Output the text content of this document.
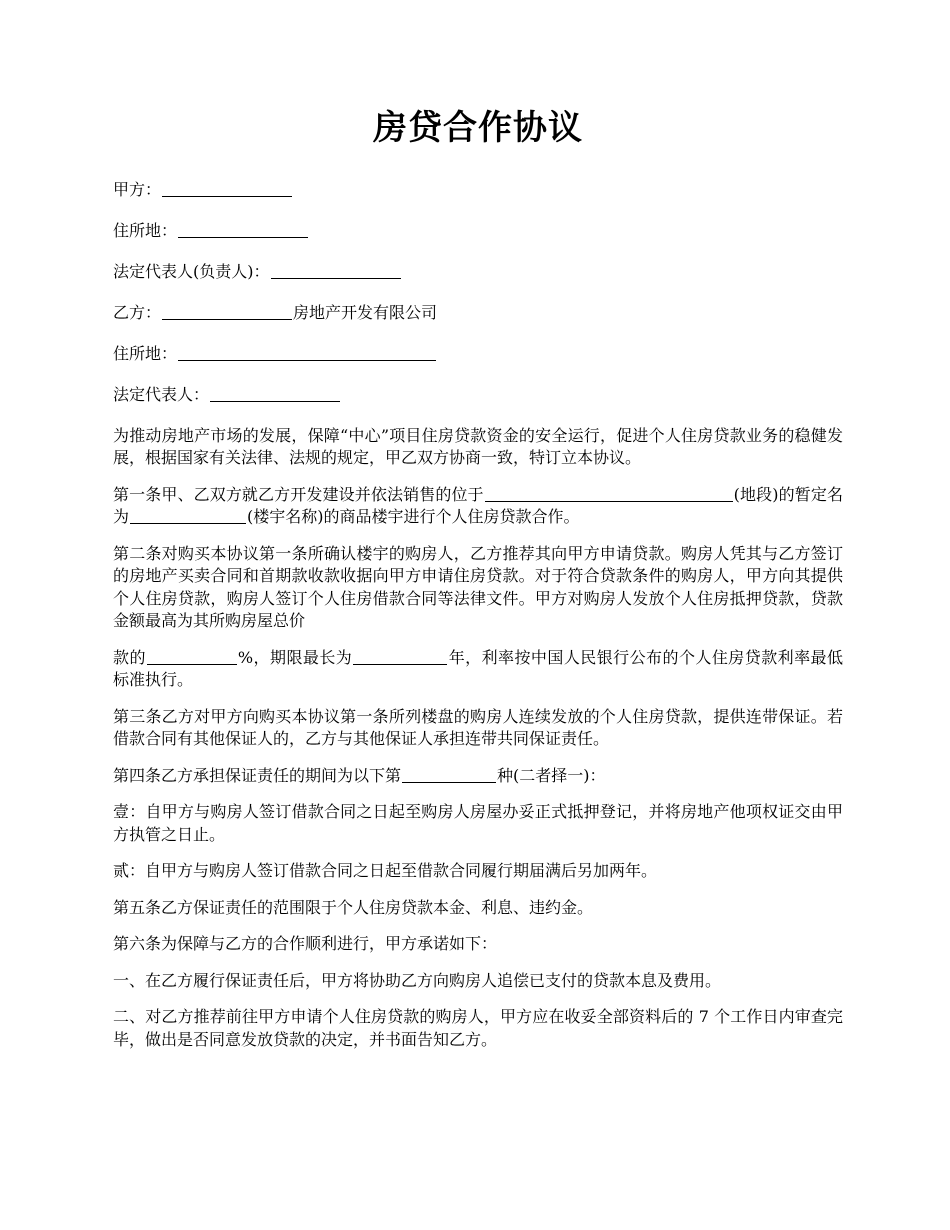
房贷合作协议
甲方：
住所地：
法定代表人(负责人)：
乙方：	房地产开发有限公司
住所地：
法定代表人：

为推动房地产市场的发展，保障“中心”项目住房贷款资金的安全运行，促进个人住房贷款业务的稳健发展，根据国家有关法律、法规的规定，甲乙双方协商一致，特订立本协议。

第一条甲、乙双方就乙方开发建设并依法销售的位于	(地段)的暂定名为	(楼宇名称)的商品楼宇进行个人住房贷款合作。

第二条对购买本协议第一条所确认楼宇的购房人，乙方推荐其向甲方申请贷款。购房人凭其与乙方签订的房地产买卖合同和首期款收款收据向甲方申请住房贷款。对于符合贷款条件的购房人，甲方向其提供个人住房贷款，购房人签订个人住房借款合同等法律文件。甲方对购房人发放个人住房抵押贷款，贷款金额最高为其所购房屋总价

款的	%，期限最长为	年，利率按中国人民银行公布的个人住房贷款利率最低标准执行。

第三条乙方对甲方向购买本协议第一条所列楼盘的购房人连续发放的个人住房贷款，提供连带保证。若借款合同有其他保证人的，乙方与其他保证人承担连带共同保证责任。

第四条乙方承担保证责任的期间为以下第	种(二者择一)：

壹：自甲方与购房人签订借款合同之日起至购房人房屋办妥正式抵押登记，并将房地产他项权证交由甲方执管之日止。

贰：自甲方与购房人签订借款合同之日起至借款合同履行期届满后另加两年。

第五条乙方保证责任的范围限于个人住房贷款本金、利息、违约金。

第六条为保障与乙方的合作顺利进行，甲方承诺如下：

一、在乙方履行保证责任后，甲方将协助乙方向购房人追偿已支付的贷款本息及费用。

二、对乙方推荐前往甲方申请个人住房贷款的购房人，甲方应在收妥全部资料后的 7 个工作日内审查完毕，做出是否同意发放贷款的决定，并书面告知乙方。
